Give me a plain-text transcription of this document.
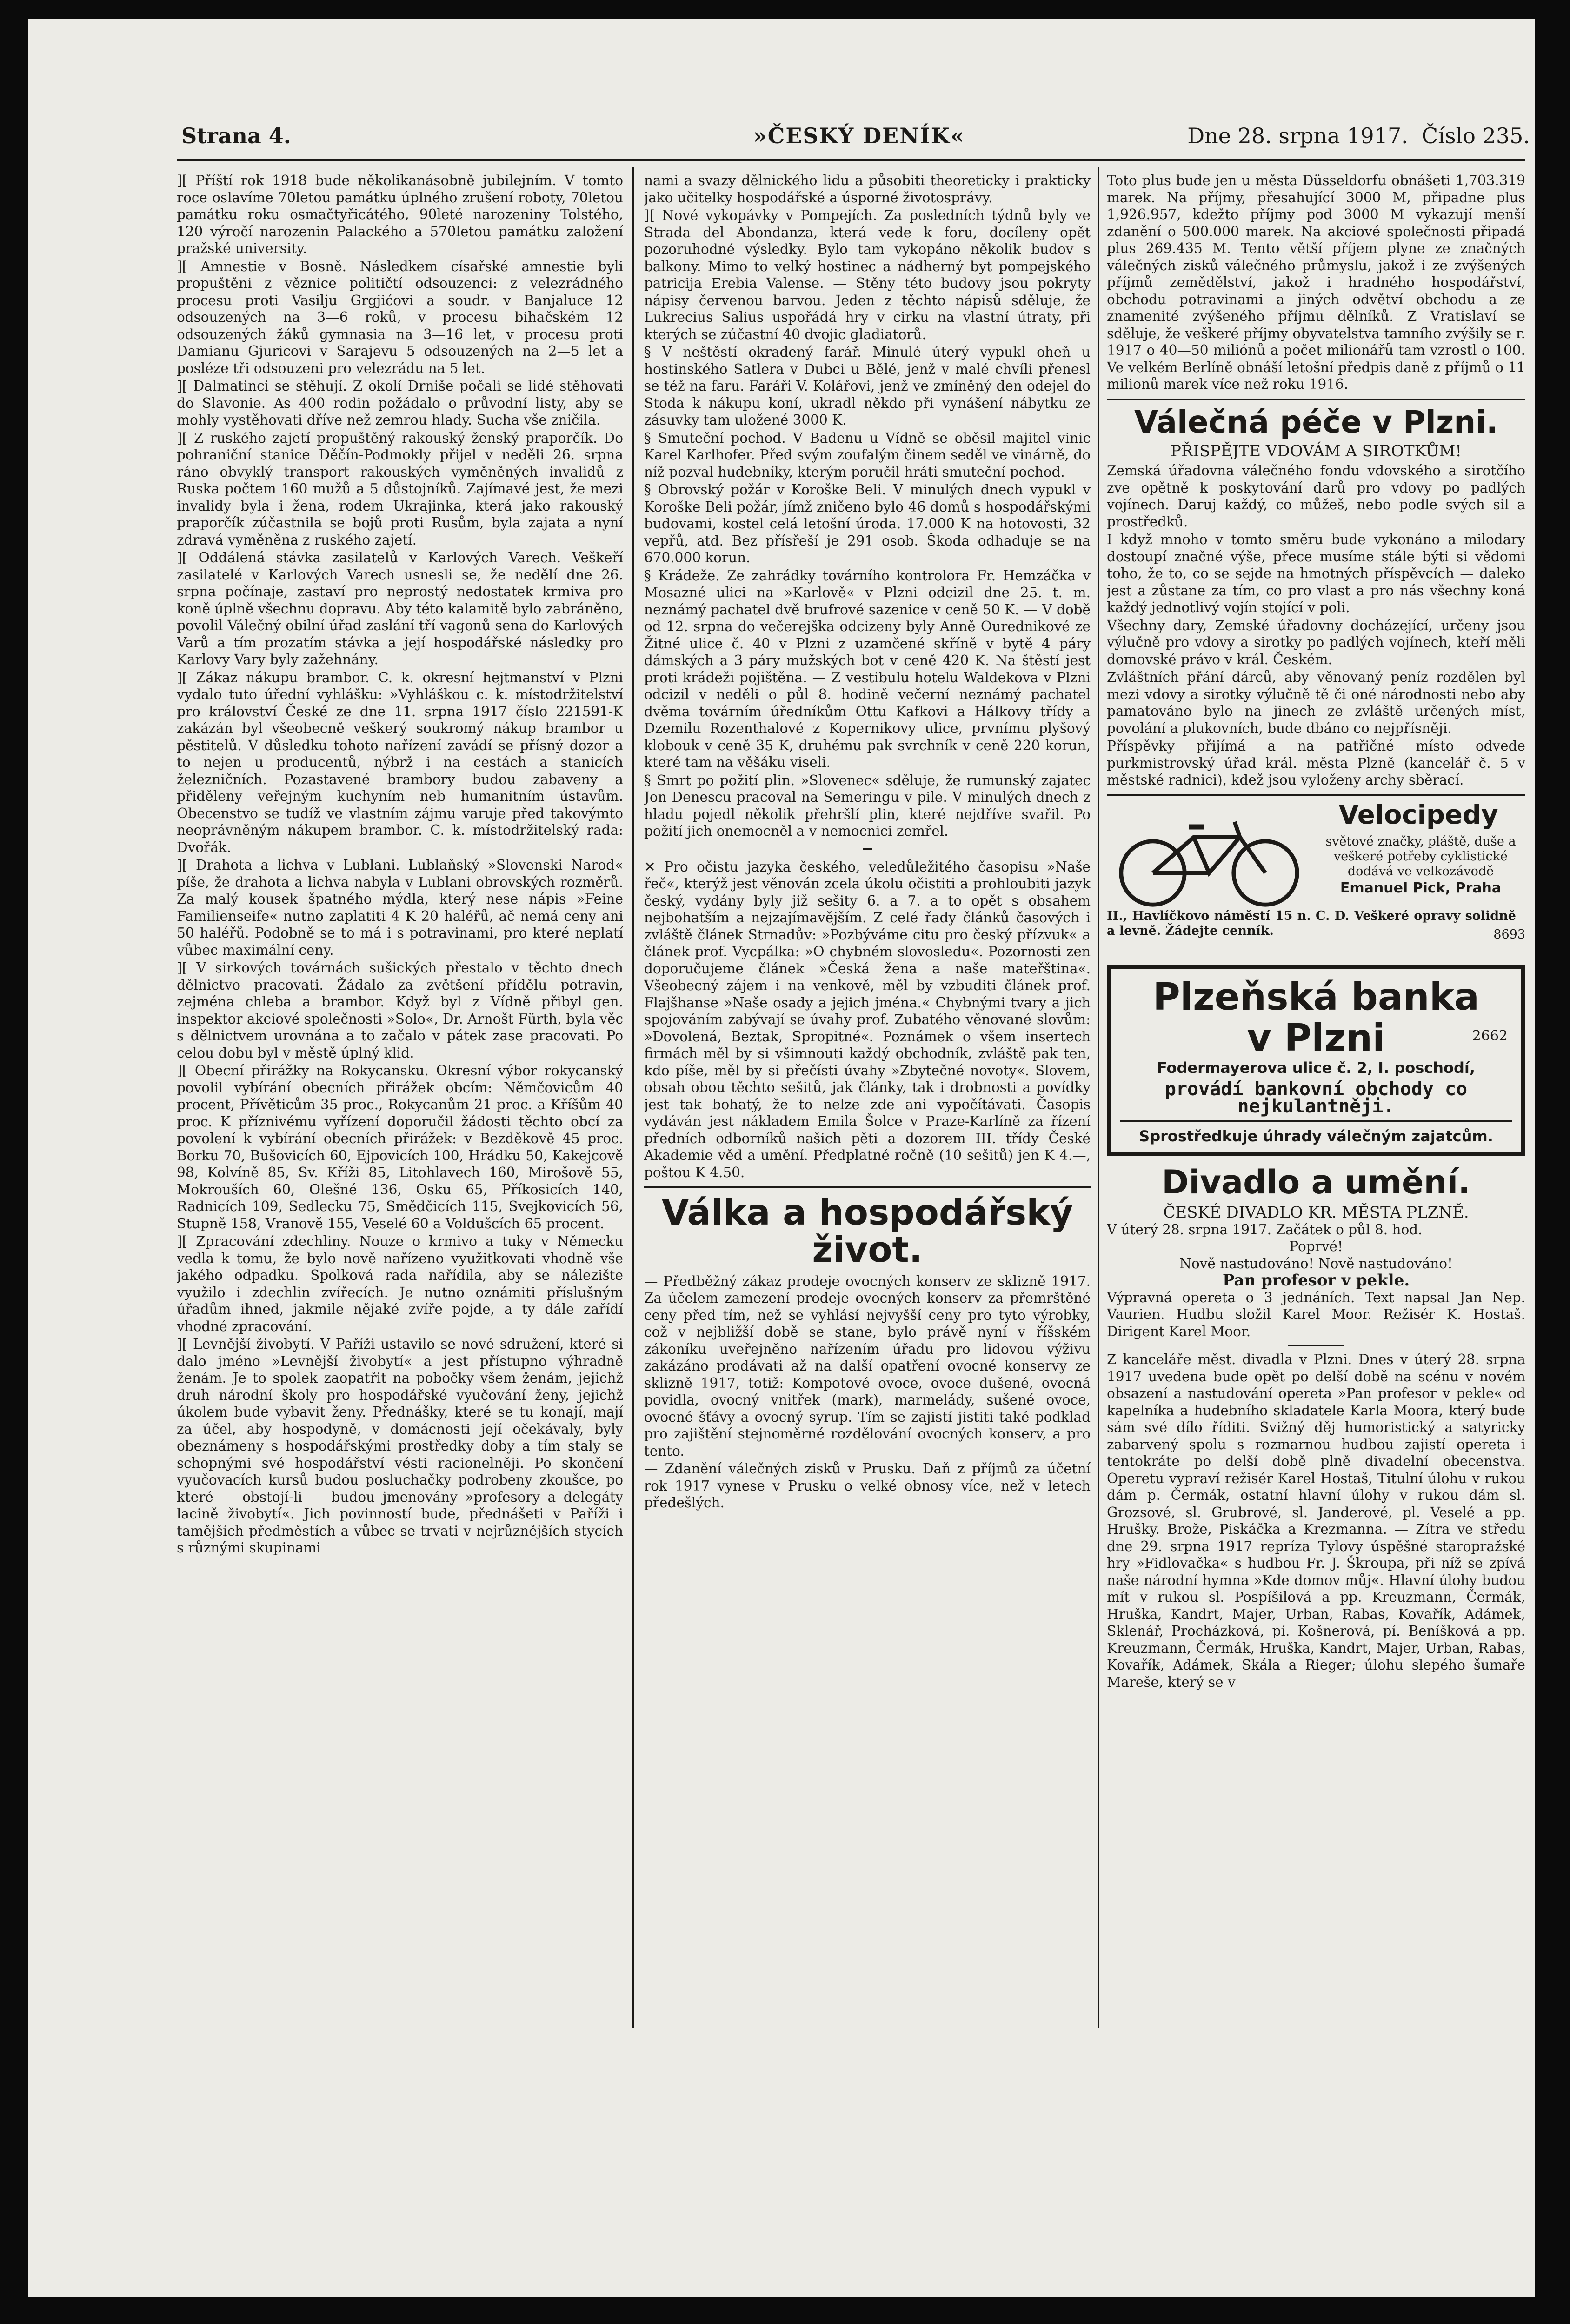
Strana 4.	»ČESKÝ DENÍK«	Dne 28. srpna 1917. Číslo 235.

][ Příští rok 1918 bude několikanásobně jubilejním. V tomto roce oslavíme 70letou památku úplného zrušení roboty, 70letou památku roku osmačtyřicátého, 90leté narozeniny Tolstého, 120 výročí narozenin Palackého a 570letou památku založení pražské university.

][ Amnestie v Bosně. Následkem císařské amnestie byli propuštěni z věznice političtí odsouzenci: z velezrádného procesu proti Vasilju Grgjićovi a soudr. v Banjaluce 12 odsouzených na 3—6 roků, v procesu bihačském 12 odsouzených žáků gymnasia na 3—16 let, v procesu proti Damianu Gjuricovi v Sarajevu 5 odsouzených na 2—5 let a posléze tři odsouzeni pro velezrádu na 5 let.

][ Dalmatinci se stěhují. Z okolí Drniše počali se lidé stěhovati do Slavonie. As 400 rodin požádalo o průvodní listy, aby se mohly vystěhovati dříve než zemrou hlady. Sucha vše zničila.

][ Z ruského zajetí propuštěný rakouský ženský praporčík. Do pohraniční stanice Děčín-Podmokly přijel v neděli 26. srpna ráno obvyklý transport rakouských vyměněných invalidů z Ruska počtem 160 mužů a 5 důstojníků. Zajímavé jest, že mezi invalidy byla i žena, rodem Ukrajinka, která jako rakouský praporčík zúčastnila se bojů proti Rusům, byla zajata a nyní zdravá vyměněna z ruského zajetí.

][ Oddálená stávka zasilatelů v Karlových Varech. Veškeří zasilatelé v Karlových Varech usnesli se, že nedělí dne 26. srpna počínaje, zastaví pro neprostý nedostatek krmiva pro koně úplně všechnu dopravu. Aby této kalamitě bylo zabráněno, povolil Válečný obilní úřad zaslání tří vagonů sena do Karlových Varů a tím prozatím stávka a její hospodářské následky pro Karlovy Vary byly zažehnány.

][ Zákaz nákupu brambor. C. k. okresní hejtmanství v Plzni vydalo tuto úřední vyhlášku: »Vyhláškou c. k. místodržitelství pro království České ze dne 11. srpna 1917 číslo 221591-K zakázán byl všeobecně veškerý soukromý nákup brambor u pěstitelů. V důsledku tohoto nařízení zavádí se přísný dozor a to nejen u producentů, nýbrž i na cestách a stanicích železničních. Pozastavené brambory budou zabaveny a přiděleny veřejným kuchyním neb humanitním ústavům. Obecenstvo se tudíž ve vlastním zájmu varuje před takovýmto neoprávněným nákupem brambor. C. k. místodržitelský rada: Dvořák.

][ Drahota a lichva v Lublani. Lublaňský »Slovenski Narod« píše, že drahota a lichva nabyla v Lublani obrovských rozměrů. Za malý kousek špatného mýdla, který nese nápis »Feine Familienseife« nutno zaplatiti 4 K 20 haléřů, ač nemá ceny ani 50 haléřů. Podobně se to má i s potravinami, pro které neplatí vůbec maximální ceny.

][ V sirkových továrnách sušických přestalo v těchto dnech dělnictvo pracovati. Žádalo za zvětšení přídělu potravin, zejména chleba a brambor. Když byl z Vídně přibyl gen. inspektor akciové společnosti »Solo«, Dr. Arnošt Fürth, byla věc s dělnictvem urovnána a to začalo v pátek zase pracovati. Po celou dobu byl v městě úplný klid.

][ Obecní přirážky na Rokycansku. Okresní výbor rokycanský povolil vybírání obecních přirážek obcím: Němčovicům 40 procent, Přívěticům 35 proc., Rokycanům 21 proc. a Kříšům 40 proc. K příznivému vyřízení doporučil žádosti těchto obcí za povolení k vybírání obecních přirážek: v Bezděkově 45 proc. Borku 70, Bušovicích 60, Ejpovicích 100, Hrádku 50, Kakejcově 98, Kolvíně 85, Sv. Kříži 85, Litohlavech 160, Mirošově 55, Mokrouších 60, Olešné 136, Osku 65, Příkosicích 140, Radnicích 109, Sedlecku 75, Smědčicích 115, Svejkovicích 56, Stupně 158, Vranově 155, Veselé 60 a Voldušcích 65 procent.

][ Zpracování zdechliny. Nouze o krmivo a tuky v Německu vedla k tomu, že bylo nově nařízeno využitkovati vhodně vše jakého odpadku. Spolková rada nařídila, aby se nálezište využilo i zdechlin zvířecích. Je nutno oznámiti příslušným úřadům ihned, jakmile nějaké zvíře pojde, a ty dále zařídí vhodné zpracování.

][ Levnější živobytí. V Paříži ustavilo se nové sdružení, které si dalo jméno »Levnější živobytí« a jest přístupno výhradně ženám. Je to spolek zaopatřit na pobočky všem ženám, jejichž druh národní školy pro hospodářské vyučování ženy, jejichž úkolem bude vybavit ženy. Přednášky, které se tu konají, mají za účel, aby hospodyně, v domácnosti její očekávaly, byly obeznámeny s hospodářskými prostředky doby a tím staly se schopnými své hospodářství vésti racionelněji. Po skončení vyučovacích kursů budou posluchačky podrobeny zkoušce, po které — obstojí-li — budou jmenovány »profesory a delegáty lacině živobytí«. Jich povinností bude, přednášeti v Paříži i tamějších předměstích a vůbec se trvati v nejrůznějších stycích s různými skupinami

nami a svazy dělnického lidu a působiti theoreticky i prakticky jako učitelky hospodářské a úsporné životosprávy.

][ Nové vykopávky v Pompejích. Za posledních týdnů byly ve Strada del Abondanza, která vede k foru, docíleny opět pozoruhodné výsledky. Bylo tam vykopáno několik budov s balkony. Mimo to velký hostinec a nádherný byt pompejského patricija Erebia Valense. — Stěny této budovy jsou pokryty nápisy červenou barvou. Jeden z těchto nápisů sděluje, že Lukrecius Salius uspořádá hry v cirku na vlastní útraty, při kterých se zúčastní 40 dvojic gladiatorů.

§ V neštěstí okradený farář. Minulé úterý vypukl oheň u hostinského Satlera v Dubci u Bělé, jenž v malé chvíli přenesl se též na faru. Faráři V. Kolářovi, jenž ve zmíněný den odejel do Stoda k nákupu koní, ukradl někdo při vynášení nábytku ze zásuvky tam uložené 3000 K.

§ Smuteční pochod. V Badenu u Vídně se oběsil majitel vinic Karel Karlhofer. Před svým zoufalým činem seděl ve vinárně, do níž pozval hudebníky, kterým poručil hráti smuteční pochod.

§ Obrovský požár v Koroške Beli. V minulých dnech vypukl v Koroške Beli požár, jímž zničeno bylo 46 domů s hospodářskými budovami, kostel celá letošní úroda. 17.000 K na hotovosti, 32 vepřů, atd. Bez přísřeší je 291 osob. Škoda odhaduje se na 670.000 korun.

§ Krádeže. Ze zahrádky továrního kontrolora Fr. Hemzáčka v Mosazné ulici na »Karlově« v Plzni odcizil dne 25. t. m. neznámý pachatel dvě brufrové sazenice v ceně 50 K. — V době od 12. srpna do večerejška odcizeny byly Anně Ourednikové ze Žitné ulice č. 40 v Plzni z uzamčené skříně v bytě 4 páry dámských a 3 páry mužských bot v ceně 420 K. Na štěstí jest proti krádeži pojištěna. — Z vestibulu hotelu Waldekova v Plzni odcizil v neděli o půl 8. hodině večerní neznámý pachatel dvěma továrním úředníkům Ottu Kafkovi a Hálkovy třídy a Dzemilu Rozenthalové z Kopernikovy ulice, prvnímu plyšový klobouk v ceně 35 K, druhému pak svrchník v ceně 220 korun, které tam na věšáku viseli.

§ Smrt po požití plin. »Slovenec« sděluje, že rumunský zajatec Jon Denescu pracoval na Semeringu v pile. V minulých dnech z hladu pojedl několik přehršlí plin, které nejdříve svařil. Po požití jich onemocněl a v nemocnici zemřel.

✕ Pro očistu jazyka českého, veledůležitého časopisu »Naše řeč«, kterýž jest věnován zcela úkolu očistiti a prohloubiti jazyk český, vydány byly již sešity 6. a 7. a to opět s obsahem nejbohatším a nejzajímavějším. Z celé řady článků časových i zvláště článek Strnadův: »Pozbýváme citu pro český přízvuk« a článek prof. Vycpálka: »O chybném slovosledu«. Pozornosti zen doporučujeme článek »Česká žena a naše mateřština«. Všeobecný zájem i na venkově, měl by vzbuditi článek prof. Flajšhanse »Naše osady a jejich jména.« Chybnými tvary a jich spojováním zabývají se úvahy prof. Zubatého věnované slovům: »Dovolená, Beztak, Spropitné«. Poznámek o všem insertech firmách měl by si všimnouti každý obchodník, zvláště pak ten, kdo píše, měl by si přečísti úvahy »Zbytečné novoty«. Slovem, obsah obou těchto sešitů, jak články, tak i drobnosti a povídky jest tak bohatý, že to nelze zde ani vypočítávati. Časopis vydáván jest nákladem Emila Šolce v Praze-Karlíně za řízení předních odborníků našich pěti a dozorem III. třídy České Akademie věd a umění. Předplatné ročně (10 sešitů) jen K 4.—, poštou K 4.50.

Válka a hospodářský život.

— Předběžný zákaz prodeje ovocných konserv ze sklizně 1917. Za účelem zamezení prodeje ovocných konserv za přemrštěné ceny před tím, než se vyhlásí nejvyšší ceny pro tyto výrobky, což v nejbližší době se stane, bylo právě nyní v říšském zákoníku uveřejněno nařízením úřadu pro lidovou výživu zakázáno prodávati až na další opatření ovocné konservy ze sklizně 1917, totiž: Kompotové ovoce, ovoce dušené, ovocná povidla, ovocný vnitřek (mark), marmelády, sušené ovoce, ovocné šťávy a ovocný syrup. Tím se zajistí jistiti také podklad pro zajištění stejnoměrné rozdělování ovocných konserv, a pro tento.

— Zdanění válečných zisků v Prusku. Daň z příjmů za účetní rok 1917 vynese v Prusku o velké obnosy více, než v letech předešlých.

Toto plus bude jen u města Düsseldorfu obnášeti 1,703.319 marek. Na příjmy, přesahující 3000 M, připadne plus 1,926.957, kdežto příjmy pod 3000 M vykazují menší zdanění o 500.000 marek. Na akciové společnosti připadá plus 269.435 M. Tento větší příjem plyne ze značných válečných zisků válečného průmyslu, jakož i ze zvýšených příjmů zemědělství, jakož i hradného hospodářství, obchodu potravinami a jiných odvětví obchodu a ze znamenité zvýšeného příjmu dělníků. Z Vratislaví se sděluje, že veškeré příjmy obyvatelstva tamního zvýšily se r. 1917 o 40—50 miliónů a počet milionářů tam vzrostl o 100. Ve velkém Berlíně obnáší letošní předpis daně z příjmů o 11 milionů marek více než roku 1916.

Válečná péče v Plzni.
PŘISPĚJTE VDOVÁM A SIROTKŮM!

Zemská úřadovna válečného fondu vdovského a sirotčího zve opětně k poskytování darů pro vdovy po padlých vojínech. Daruj každý, co můžeš, nebo podle svých sil a prostředků.

I když mnoho v tomto směru bude vykonáno a milodary dostoupí značné výše, přece musíme stále býti si vědomi toho, že to, co se sejde na hmotných příspěvcích — daleko jest a zůstane za tím, co pro vlast a pro nás všechny koná každý jednotlivý vojín stojící v poli.

Všechny dary, Zemské úřadovny docházející, určeny jsou výlučně pro vdovy a sirotky po padlých vojínech, kteří měli domovské právo v král. Českém.

Zvláštních přání dárců, aby věnovaný peníz rozdělen byl mezi vdovy a sirotky výlučně tě či oné národnosti nebo aby pamatováno bylo na jinech ze zvláště určených míst, povolání a plukovních, bude dbáno co nejpřísněji.

Příspěvky přijímá a na patřičné místo odvede purkmistrovský úřad král. města Plzně (kancelář č. 5 v městské radnici), kdež jsou vyloženy archy sběrací.

Velocipedy
světové značky, pláště, duše a veškeré potřeby cyklistické dodává ve velkozávodě
Emanuel Pick, Praha
II., Havlíčkovo náměstí 15 n. C. D. Veškeré opravy solidně a levně. Žádejte cenník.	8693
Plzeňská banka
v Plzni	2662
Fodermayerova ulice č. 2, I. poschodí,
provádí bankovní obchody co nejkulantněji.
Sprostředkuje úhrady válečným zajatcům.
Divadlo a umění.
ČESKÉ DIVADLO KR. MĚSTA PLZNĚ.
V úterý 28. srpna 1917. Začátek o půl 8. hod.
Poprvé!
Nově nastudováno! Nově nastudováno!
Pan profesor v pekle.

Výpravná opereta o 3 jednáních. Text napsal Jan Nep. Vaurien. Hudbu složil Karel Moor. Režisér K. Hostaš. Dirigent Karel Moor.

Z kanceláře měst. divadla v Plzni. Dnes v úterý 28. srpna 1917 uvedena bude opět po delší době na scénu v novém obsazení a nastudování opereta »Pan profesor v pekle« od kapelníka a hudebního skladatele Karla Moora, který bude sám své dílo říditi. Svižný děj humoristický a satyricky zabarvený spolu s rozmarnou hudbou zajistí opereta i tentokráte po delší době plně divadelní obecenstva. Operetu vypraví režisér Karel Hostaš, Titulní úlohu v rukou dám p. Čermák, ostatní hlavní úlohy v rukou dám sl. Grozsové, sl. Grubrové, sl. Janderové, pl. Veselé a pp. Hrušky. Brože, Piskáčka a Krezmanna. — Zítra ve středu dne 29. srpna 1917 repríza Tylovy úspěšné staropražské hry »Fidlovačka« s hudbou Fr. J. Škroupa, při níž se zpívá naše národní hymna »Kde domov můj«. Hlavní úlohy budou mít v rukou sl. Pospíšilová a pp. Kreuzmann, Čermák, Hruška, Kandrt, Majer, Urban, Rabas, Kovařík, Adámek, Sklenář, Procházková, pí. Košnerová, pí. Beníšková a pp. Kreuzmann, Čermák, Hruška, Kandrt, Majer, Urban, Rabas, Kovařík, Adámek, Skála a Rieger; úlohu slepého šumaře Mareše, který se v
